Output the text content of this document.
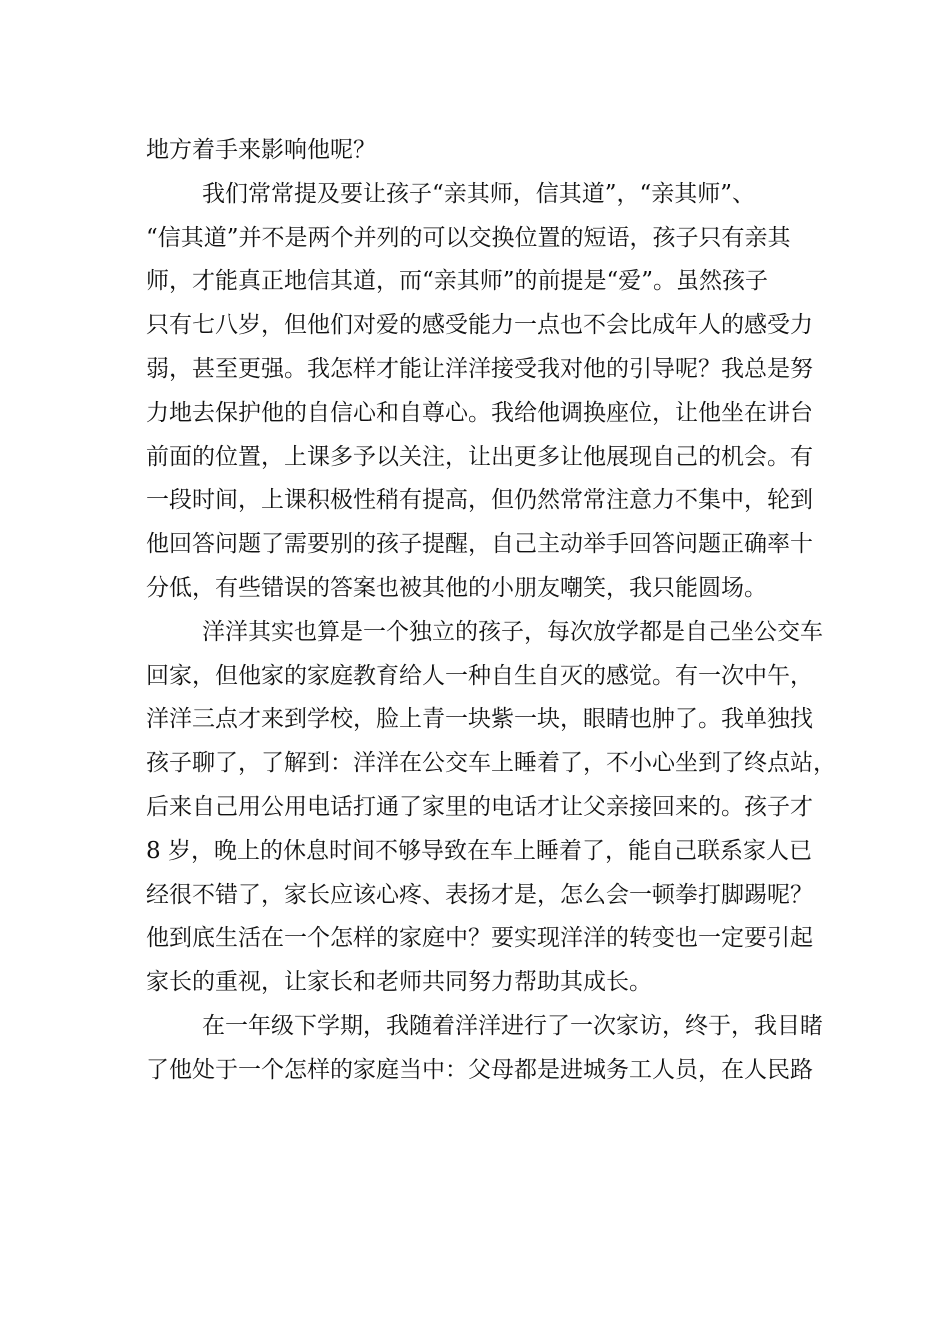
地方着手来影响他呢？
我们常常提及要让孩子“亲其师，信其道”，“亲其师”、
“信其道”并不是两个并列的可以交换位置的短语，孩子只有亲其
师，才能真正地信其道，而“亲其师”的前提是“爱”。虽然孩子
只有七八岁，但他们对爱的感受能力一点也不会比成年人的感受力
弱，甚至更强。我怎样才能让洋洋接受我对他的引导呢？我总是努
力地去保护他的自信心和自尊心。我给他调换座位，让他坐在讲台
前面的位置，上课多予以关注，让出更多让他展现自己的机会。有
一段时间，上课积极性稍有提高，但仍然常常注意力不集中，轮到
他回答问题了需要别的孩子提醒，自己主动举手回答问题正确率十
分低，有些错误的答案也被其他的小朋友嘲笑，我只能圆场。
洋洋其实也算是一个独立的孩子，每次放学都是自己坐公交车
回家，但他家的家庭教育给人一种自生自灭的感觉。有一次中午，
洋洋三点才来到学校，脸上青一块紫一块，眼睛也肿了。我单独找
孩子聊了，了解到：洋洋在公交车上睡着了，不小心坐到了终点站，
后来自己用公用电话打通了家里的电话才让父亲接回来的。孩子才
8 岁，晚上的休息时间不够导致在车上睡着了，能自己联系家人已
经很不错了，家长应该心疼、表扬才是，怎么会一顿拳打脚踢呢？
他到底生活在一个怎样的家庭中？要实现洋洋的转变也一定要引起
家长的重视，让家长和老师共同努力帮助其成长。
在一年级下学期，我随着洋洋进行了一次家访，终于，我目睹
了他处于一个怎样的家庭当中：父母都是进城务工人员，在人民路
